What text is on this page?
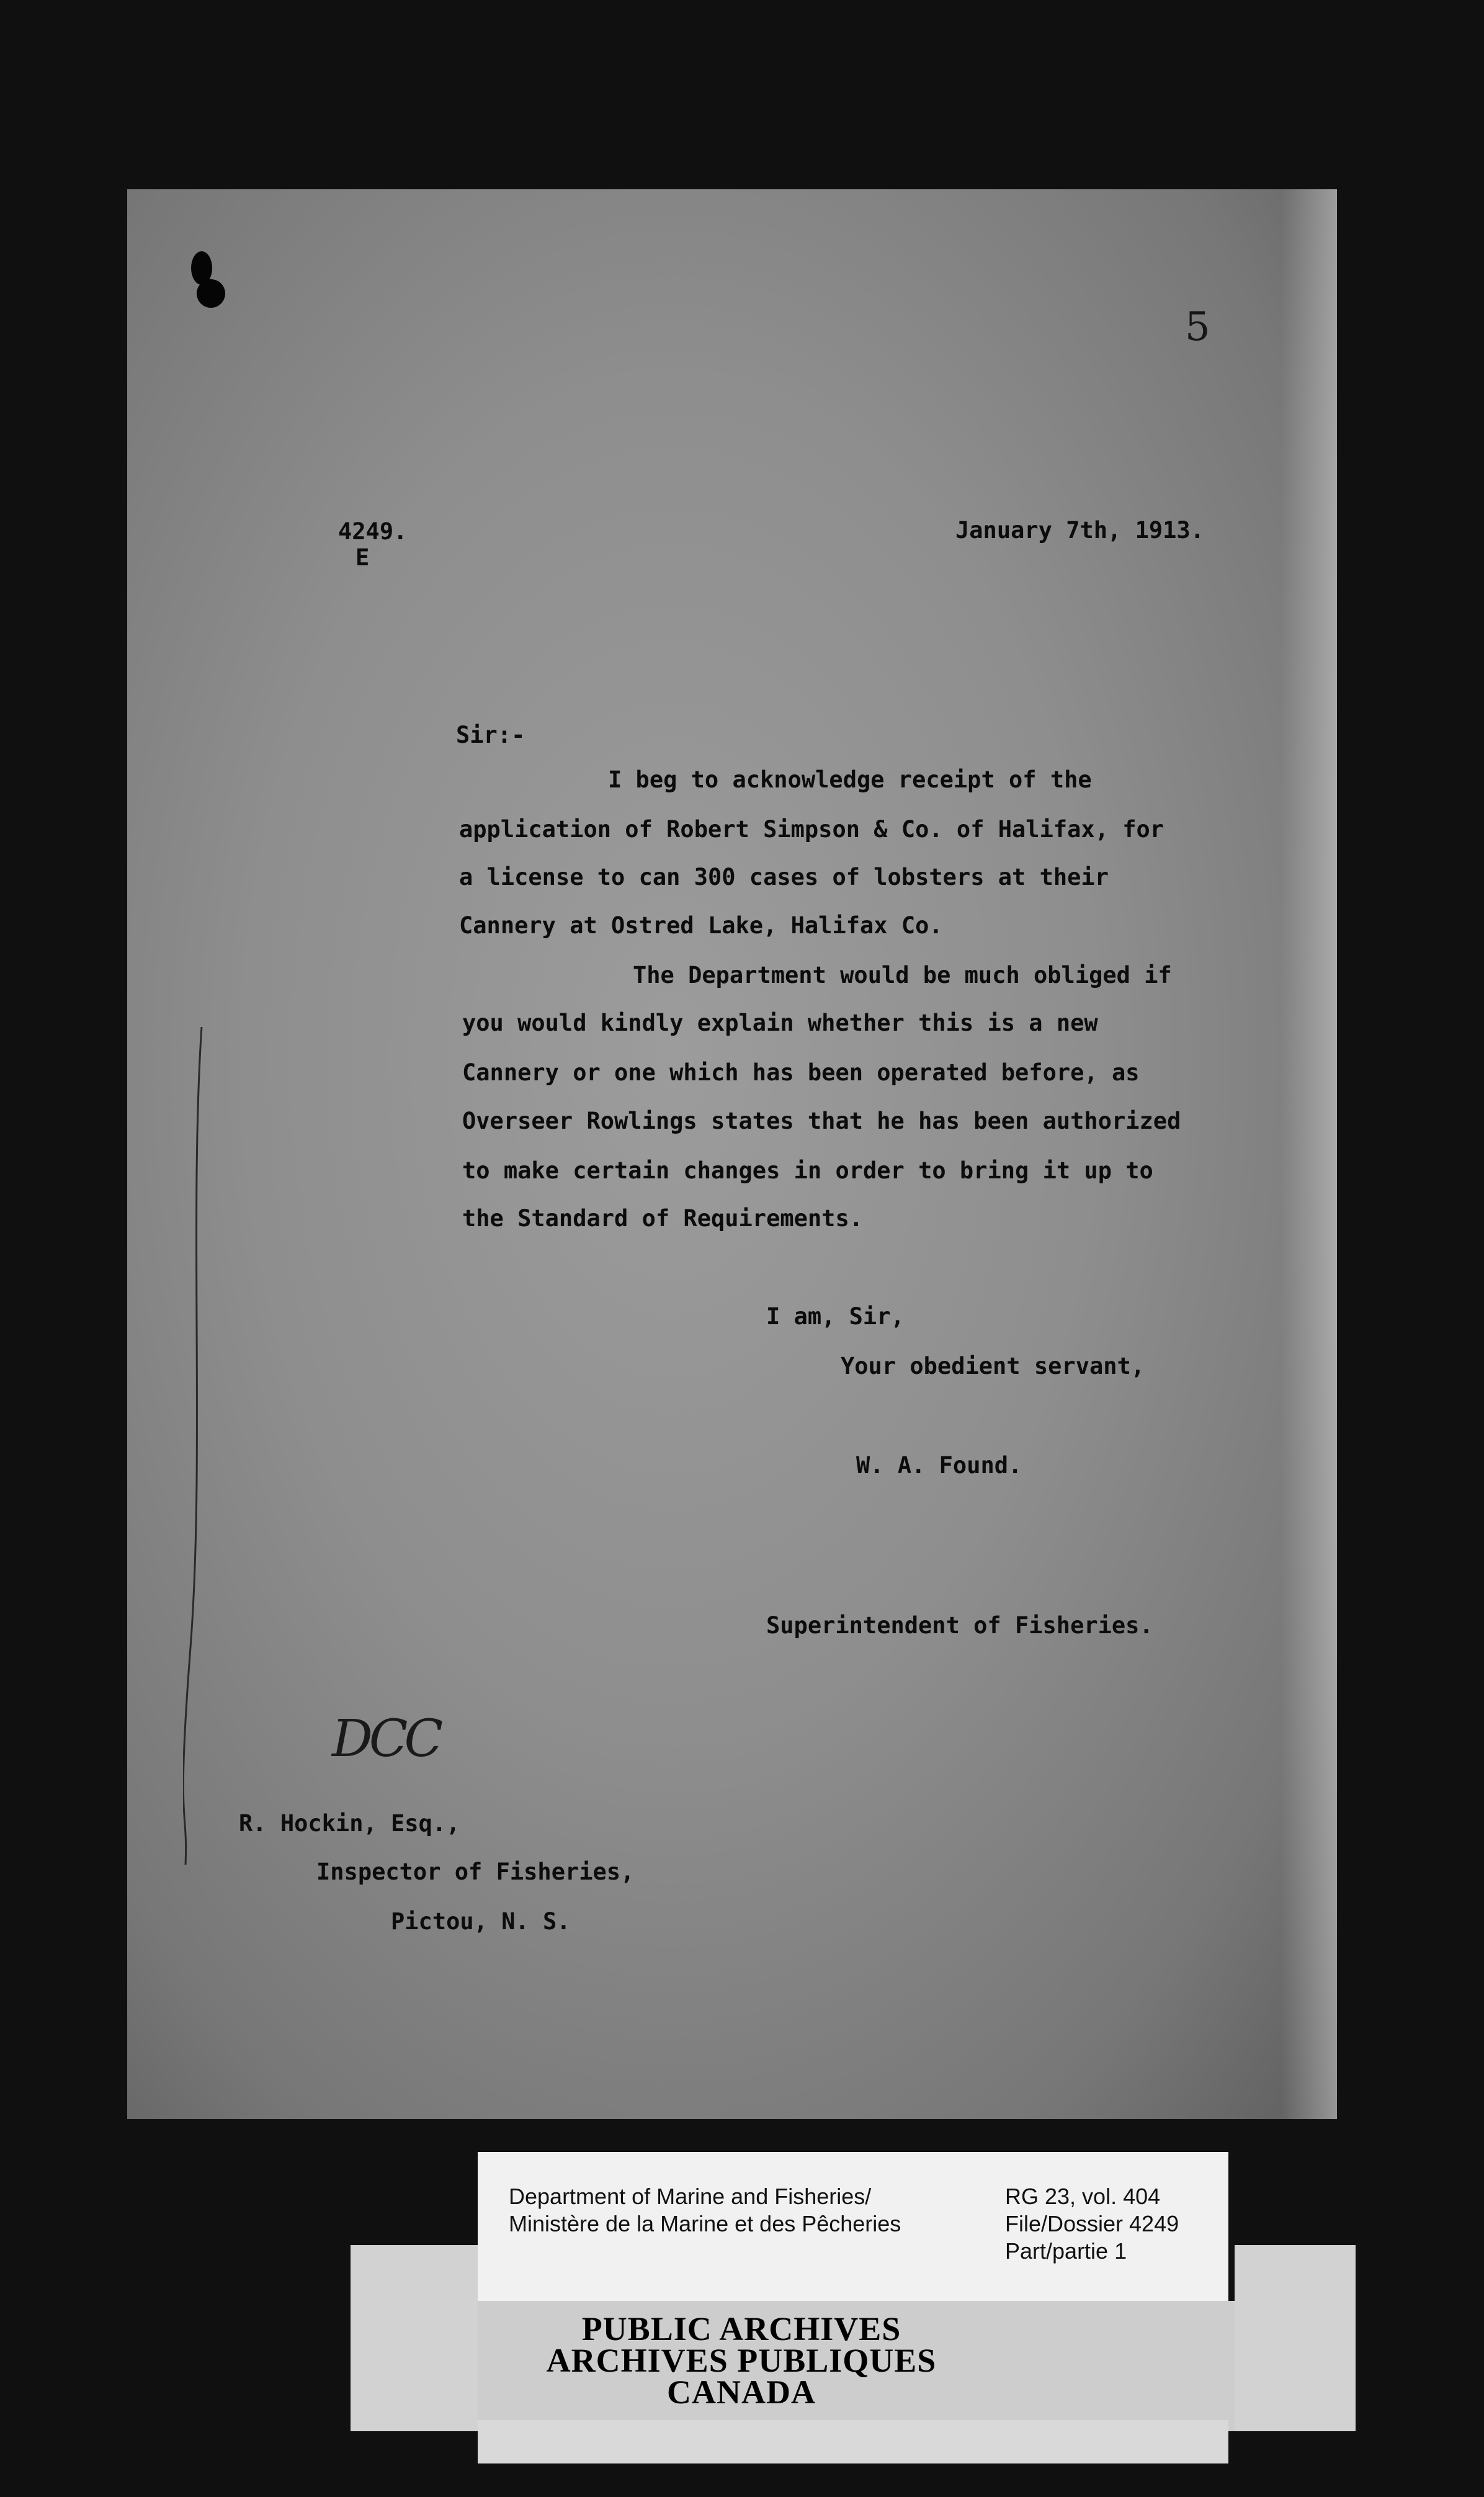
5
4249.
E
January 7th, 1913.
Sir:-
I beg to acknowledge receipt of the
application of Robert Simpson & Co. of Halifax, for
a license to can 300 cases of lobsters at their
Cannery at Ostred Lake, Halifax Co.
The Department would be much obliged if
you would kindly explain whether this is a new
Cannery or one which has been operated before, as
Overseer Rowlings states that he has been authorized
to make certain changes in order to bring it up to
the Standard of Requirements.
I am, Sir,
Your obedient servant,
W. A. Found.
Superintendent of Fisheries.
DCC
R. Hockin, Esq.,
Inspector of Fisheries,
Pictou, N. S.
Department of Marine and Fisheries/
Ministère de la Marine et des Pêcheries
RG 23, vol. 404
File/Dossier 4249
Part/partie 1
PUBLIC ARCHIVES
ARCHIVES PUBLIQUES
CANADA
